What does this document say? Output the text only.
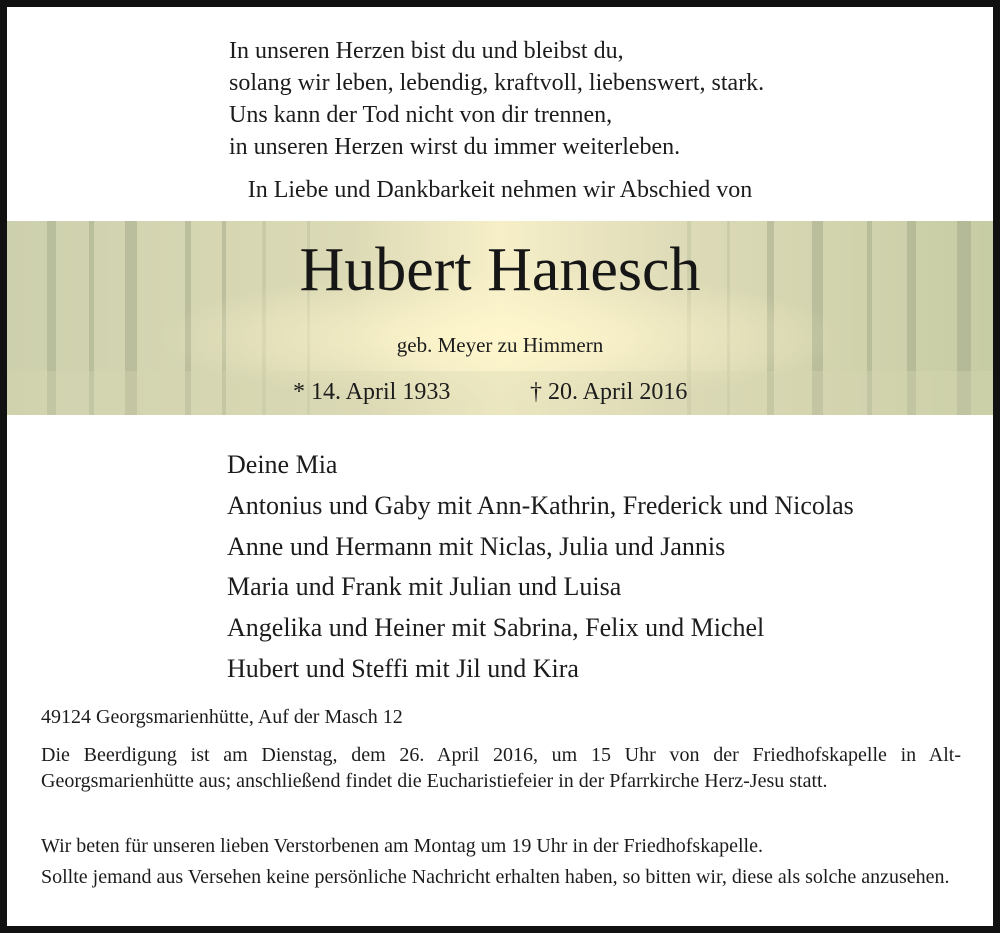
In unseren Herzen bist du und bleibst du,
solang wir leben, lebendig, kraftvoll, liebenswert, stark.
Uns kann der Tod nicht von dir trennen,
in unseren Herzen wirst du immer weiterleben.
In Liebe und Dankbarkeit nehmen wir Abschied von
Hubert Hanesch
geb. Meyer zu Himmern
* 14. April 1933	† 20. April 2016
Deine Mia
Antonius und Gaby mit Ann-Kathrin, Frederick und Nicolas
Anne und Hermann mit Niclas, Julia und Jannis
Maria und Frank mit Julian und Luisa
Angelika und Heiner mit Sabrina, Felix und Michel
Hubert und Steffi mit Jil und Kira
49124 Georgsmarienhütte, Auf der Masch 12
Die Beerdigung ist am Dienstag, dem 26. April 2016, um 15 Uhr von der Friedhofskapelle in Alt-Georgsmarienhütte aus; anschließend findet die Eucharistiefeier in der Pfarrkirche Herz-Jesu statt.
Wir beten für unseren lieben Verstorbenen am Montag um 19 Uhr in der Friedhofskapelle.
Sollte jemand aus Versehen keine persönliche Nachricht erhalten haben, so bitten wir, diese als solche anzusehen.
